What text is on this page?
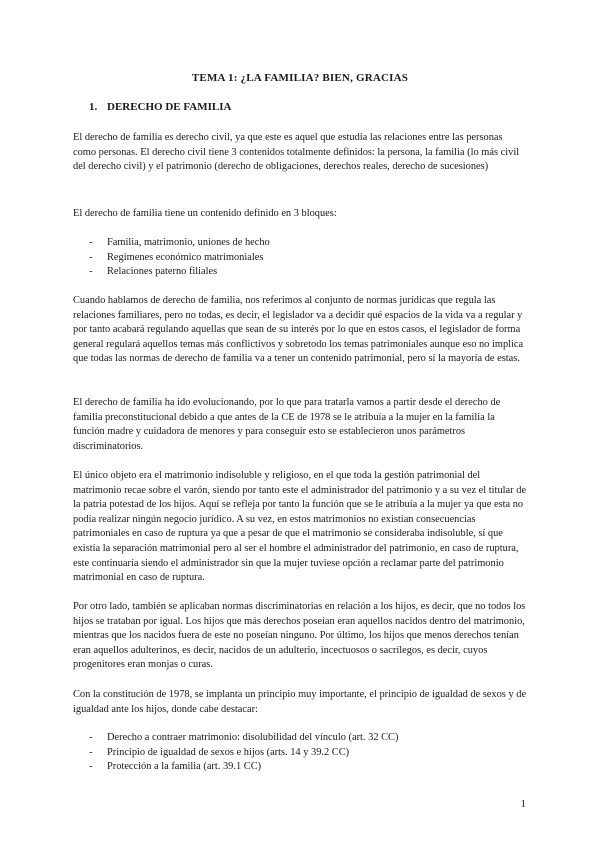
TEMA 1: ¿LA FAMILIA? BIEN, GRACIAS
1. DERECHO DE FAMILIA

El derecho de familia es derecho civil, ya que este es aquel que estudia las relaciones entre las personas como personas. El derecho civil tiene 3 contenidos totalmente definidos: la persona, la familia (lo más civil del derecho civil) y el patrimonio (derecho de obligaciones, derechos reales, derecho de sucesiones)

El derecho de familia tiene un contenido definido en 3 bloques:

- Familia, matrimonio, uniones de hecho
- Regímenes económico matrimoniales
- Relaciones paterno filiales

Cuando hablamos de derecho de familia, nos referimos al conjunto de normas jurídicas que regula las relaciones familiares, pero no todas, es decir, el legislador va a decidir qué espacios de la vida va a regular y por tanto acabará regulando aquellas que sean de su interés por lo que en estos casos, el legislador de forma general regulará aquellos temas más conflictivos y sobretodo los temas patrimoniales aunque eso no implica que todas las normas de derecho de familia va a tener un contenido patrimonial, pero sí la mayoría de estas.

El derecho de familia ha ido evolucionando, por lo que para tratarla vamos a partir desde el derecho de familia preconstitucional debido a que antes de la CE de 1978 se le atribuía a la mujer en la familia la función madre y cuidadora de menores y para conseguir esto se establecieron unos parámetros discriminatorios.

El único objeto era el matrimonio indisoluble y religioso, en el que toda la gestión patrimonial del matrimonio recae sobre el varón, siendo por tanto este el administrador del patrimonio y a su vez el titular de la patria potestad de los hijos. Aquí se refleja por tanto la función que se le atribuía a la mujer ya que esta no podía realizar ningún negocio jurídico. A su vez, en estos matrimonios no existían consecuencias patrimoniales en caso de ruptura ya que a pesar de que el matrimonio se consideraba indisoluble, sí que existía la separación matrimonial pero al ser el hombre el administrador del patrimonio, en caso de ruptura, este continuaría siendo el administrador sin que la mujer tuviese opción a reclamar parte del patrimonio matrimonial en caso de ruptura.

Por otro lado, también se aplicaban normas discriminatorias en relación a los hijos, es decir, que no todos los hijos se trataban por igual. Los hijos que más derechos poseían eran aquellos nacidos dentro del matrimonio, mientras que los nacidos fuera de este no poseían ninguno. Por último, los hijos que menos derechos tenían eran aquellos adulterinos, es decir, nacidos de un adulterio, incectuosos o sacrílegos, es decir, cuyos progenitores eran monjas o curas.

Con la constitución de 1978, se implanta un principio muy importante, el principio de igualdad de sexos y de igualdad ante los hijos, donde cabe destacar:

- Derecho a contraer matrimonio: disolubilidad del vínculo (art. 32 CC)
- Principio de igualdad de sexos e hijos (arts. 14 y 39.2 CC)
- Protección a la familia (art. 39.1 CC)
1
